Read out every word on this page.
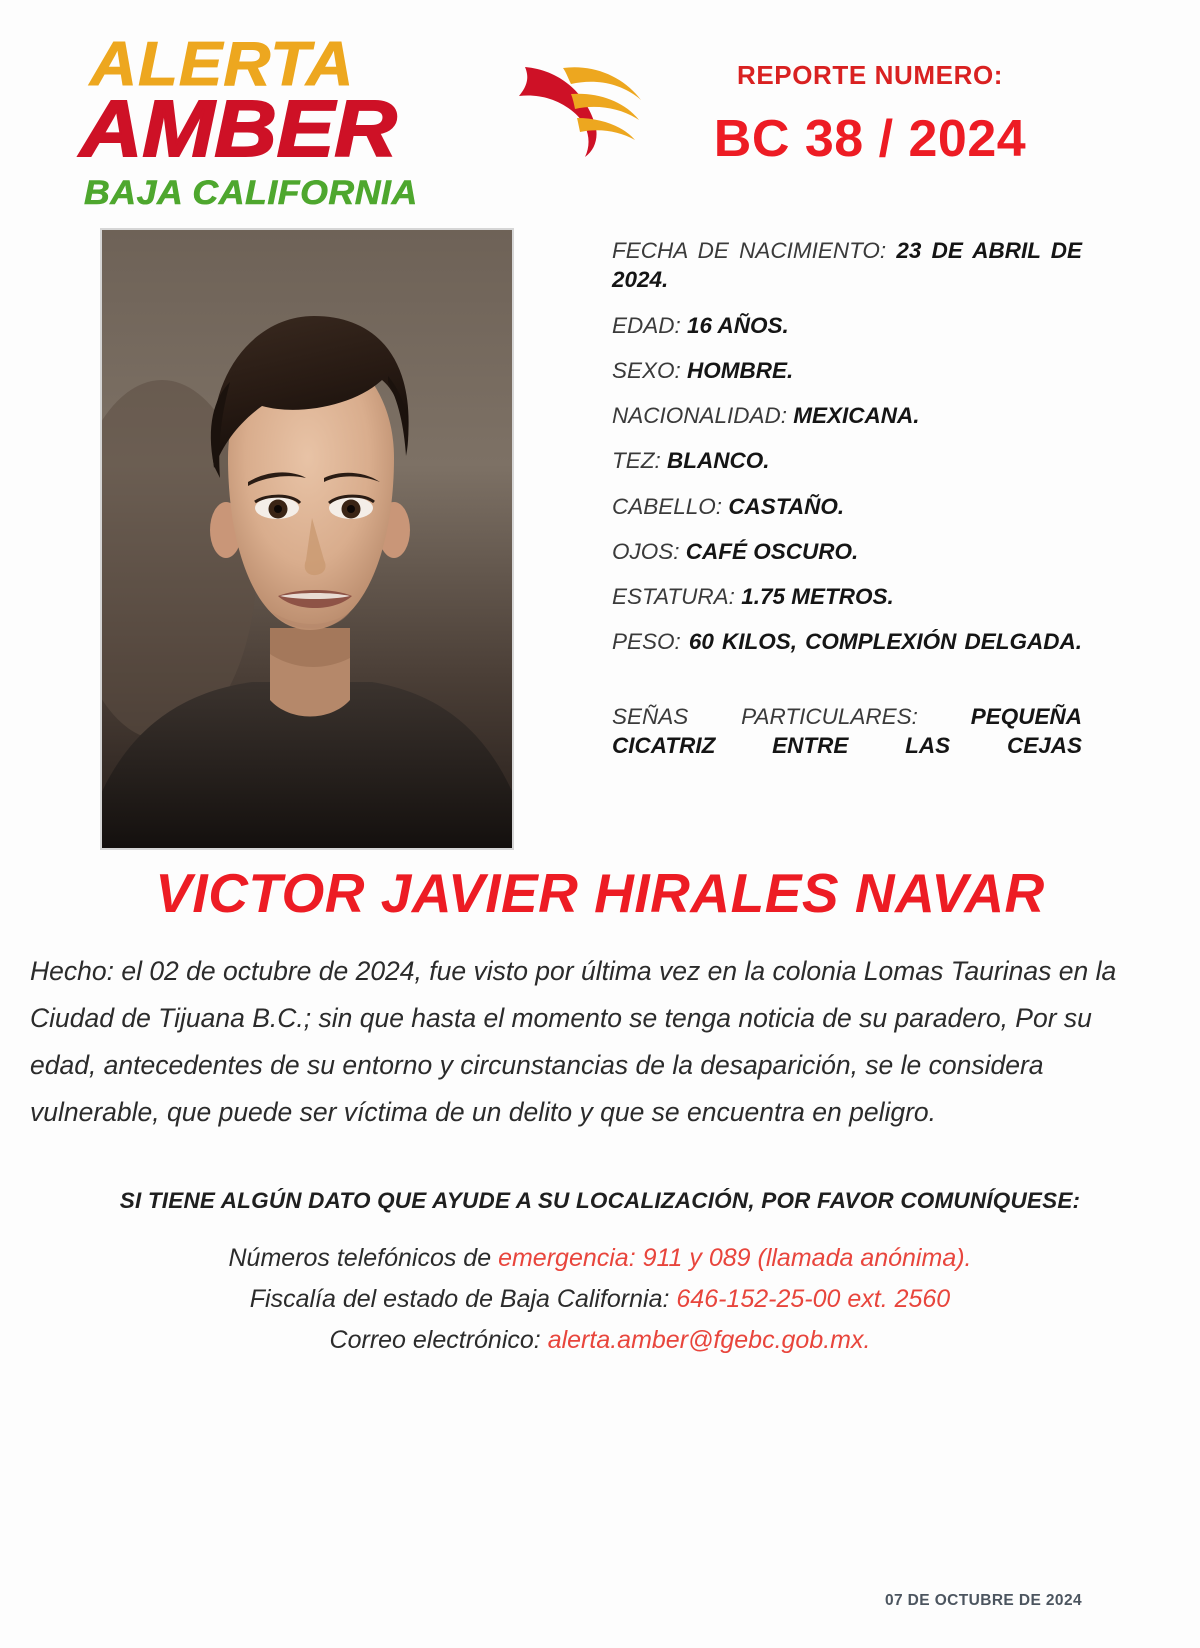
ALERTA
AMBER
BAJA CALIFORNIA
REPORTE NUMERO:
BC 38 / 2024
FECHA DE NACIMIENTO: 23 DE ABRIL DE 2024.
EDAD: 16 AÑOS.
SEXO: HOMBRE.
NACIONALIDAD: MEXICANA.
TEZ: BLANCO.
CABELLO: CASTAÑO.
OJOS: CAFÉ OSCURO.
ESTATURA: 1.75 METROS.
PESO: 60 KILOS, COMPLEXIÓN DELGADA.
SEÑAS PARTICULARES: PEQUEÑA CICATRIZ ENTRE LAS CEJAS
VICTOR JAVIER HIRALES NAVAR
Hecho: el 02 de octubre de 2024, fue visto por última vez en la colonia Lomas Taurinas en la Ciudad de Tijuana B.C.; sin que hasta el momento se tenga noticia de su paradero, Por su edad, antecedentes de su entorno y circunstancias de la desaparición, se le considera vulnerable, que puede ser víctima de un delito y que se encuentra en peligro.
SI TIENE ALGÚN DATO QUE AYUDE A SU LOCALIZACIÓN, POR FAVOR COMUNÍQUESE:
Números telefónicos de emergencia: 911 y 089 (llamada anónima).
Fiscalía del estado de Baja California: 646-152-25-00 ext. 2560
Correo electrónico: alerta.amber@fgebc.gob.mx.
07 DE OCTUBRE DE 2024
